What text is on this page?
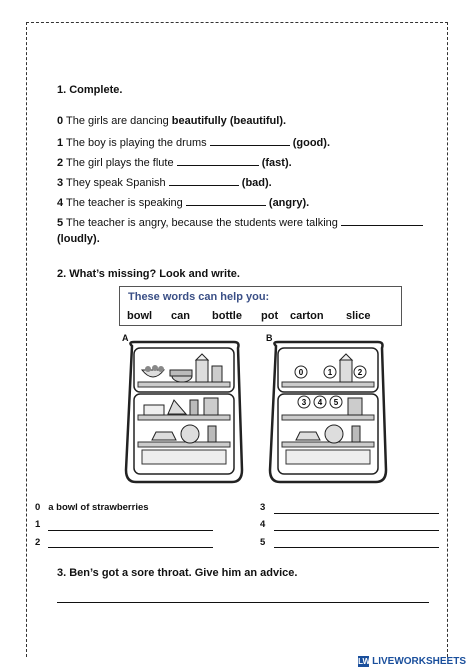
1. Complete.
0 The girls are dancing beautifully (beautiful).
1 The boy is playing the drums	(good).
2 The girl plays the flute	(fast).
3 They speak Spanish	(bad).
4 The teacher is speaking	(angry).
5 The teacher is angry, because the students were talking
(loudly).
2. What’s missing? Look and write.
These words can help you:
bowl can bottle pot carton slice
A	B
0	1	2
3 4 5
0 a bowl of strawberries
1
2
3
4
5
3. Ben’s got a sore throat. Give him an advice.
LW LIVEWORKSHEETS
